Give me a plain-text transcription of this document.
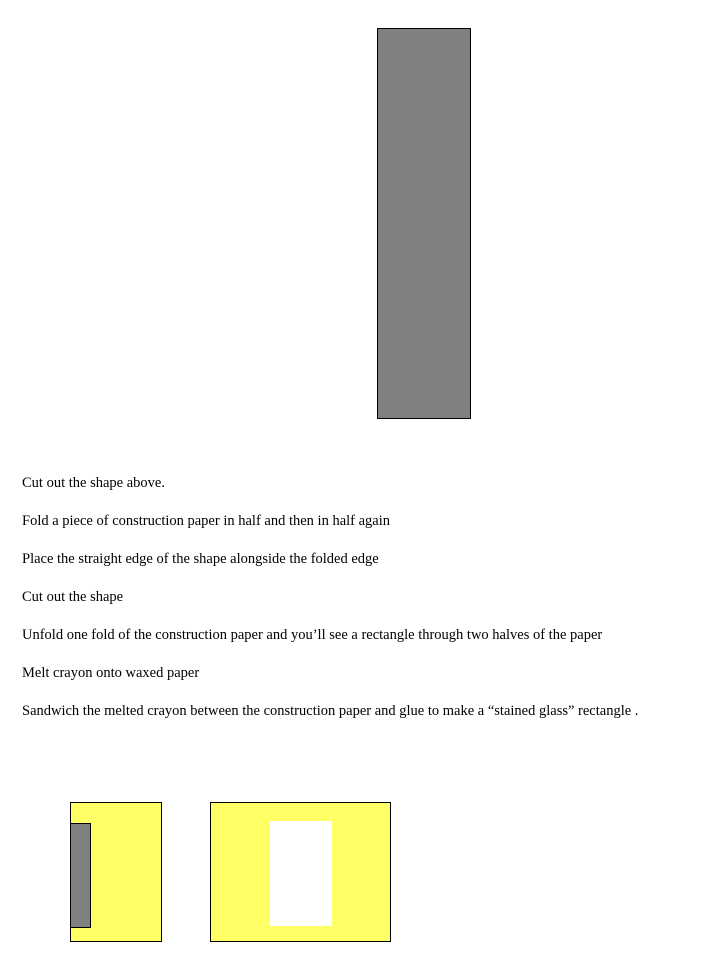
Cut out the shape above.

Fold a piece of construction paper in half and then in half again

Place the straight edge of the shape alongside the folded edge

Cut out the shape

Unfold one fold of the construction paper and you’ll see a rectangle through two halves of the paper

Melt crayon onto waxed paper

Sandwich the melted crayon between the construction paper and glue to make a “stained glass” rectangle .
